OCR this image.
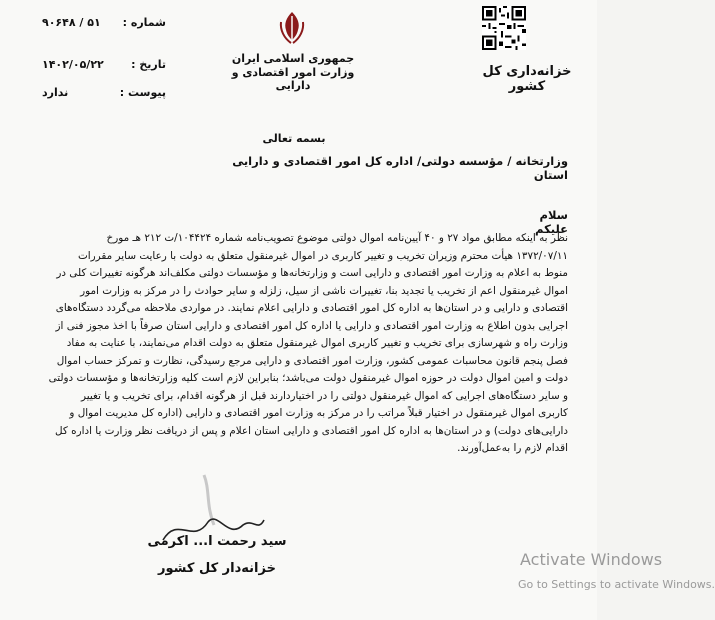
خزانه‌داری کل کشور
جمهوری اسلامی ایران
وزارت امور اقتصادی و دارایی
شماره :۵۱ / ۹۰۶۴۸
تاریخ :۱۴۰۲/۰۵/۲۲
پیوست :ندارد
بسمه تعالی
وزارتخانه / مؤسسه دولتی/ اداره کل امور اقتصادی و دارایی استان
سلام علیکم
نظر به اینکه مطابق مواد ۲۷ و ۴۰ آیین‌نامه اموال دولتی موضوع تصویب‌نامه شماره ۱۰۴۴۲۴/ت ۲۱۲ هـ مورخ
۱۳۷۲/۰۷/۱۱ هیأت محترم وزیران تخریب و تغییر کاربری در اموال غیرمنقول متعلق به دولت با رعایت سایر مقررات
منوط به اعلام به وزارت امور اقتصادی و دارایی است و وزارتخانه‌ها و مؤسسات دولتی مکلف‌اند هرگونه تغییرات کلی در
اموال غیرمنقول اعم از تخریب یا تجدید بنا، تغییرات ناشی از سیل، زلزله و سایر حوادث را در مرکز به وزارت امور
اقتصادی و دارایی و در استان‌ها به اداره کل امور اقتصادی و دارایی اعلام نمایند. در مواردی ملاحظه می‌گردد دستگاه‌های
اجرایی بدون اطلاع به وزارت امور اقتصادی و دارایی یا اداره کل امور اقتصادی و دارایی استان صرفاً با اخذ مجوز فنی از
وزارت راه و شهرسازی برای تخریب و تغییر کاربری اموال غیرمنقول متعلق به دولت اقدام می‌نمایند، با عنایت به مفاد
فصل پنجم قانون محاسبات عمومی کشور، وزارت امور اقتصادی و دارایی مرجع رسیدگی، نظارت و تمرکز حساب اموال
دولت و امین اموال دولت در حوزه اموال غیرمنقول دولت می‌باشد؛ بنابراین لازم است کلیه وزارتخانه‌ها و مؤسسات دولتی
و سایر دستگاه‌های اجرایی که اموال غیرمنقول دولتی را در اختیاردارند قبل از هرگونه اقدام، برای تخریب و یا تغییر
کاربری اموال غیرمنقول در اختیار قبلاً مراتب را در مرکز به وزارت امور اقتصادی و دارایی (اداره کل مدیریت اموال و
دارایی‌های دولت) و در استان‌ها به اداره کل امور اقتصادی و دارایی استان اعلام و پس از دریافت نظر وزارت یا اداره کل
اقدام لازم را به‌عمل‌آورند.
سید رحمت ا... اکرمی
خزانه‌دار کل کشور	Activate Windows
Go to Settings to activate Windows.
